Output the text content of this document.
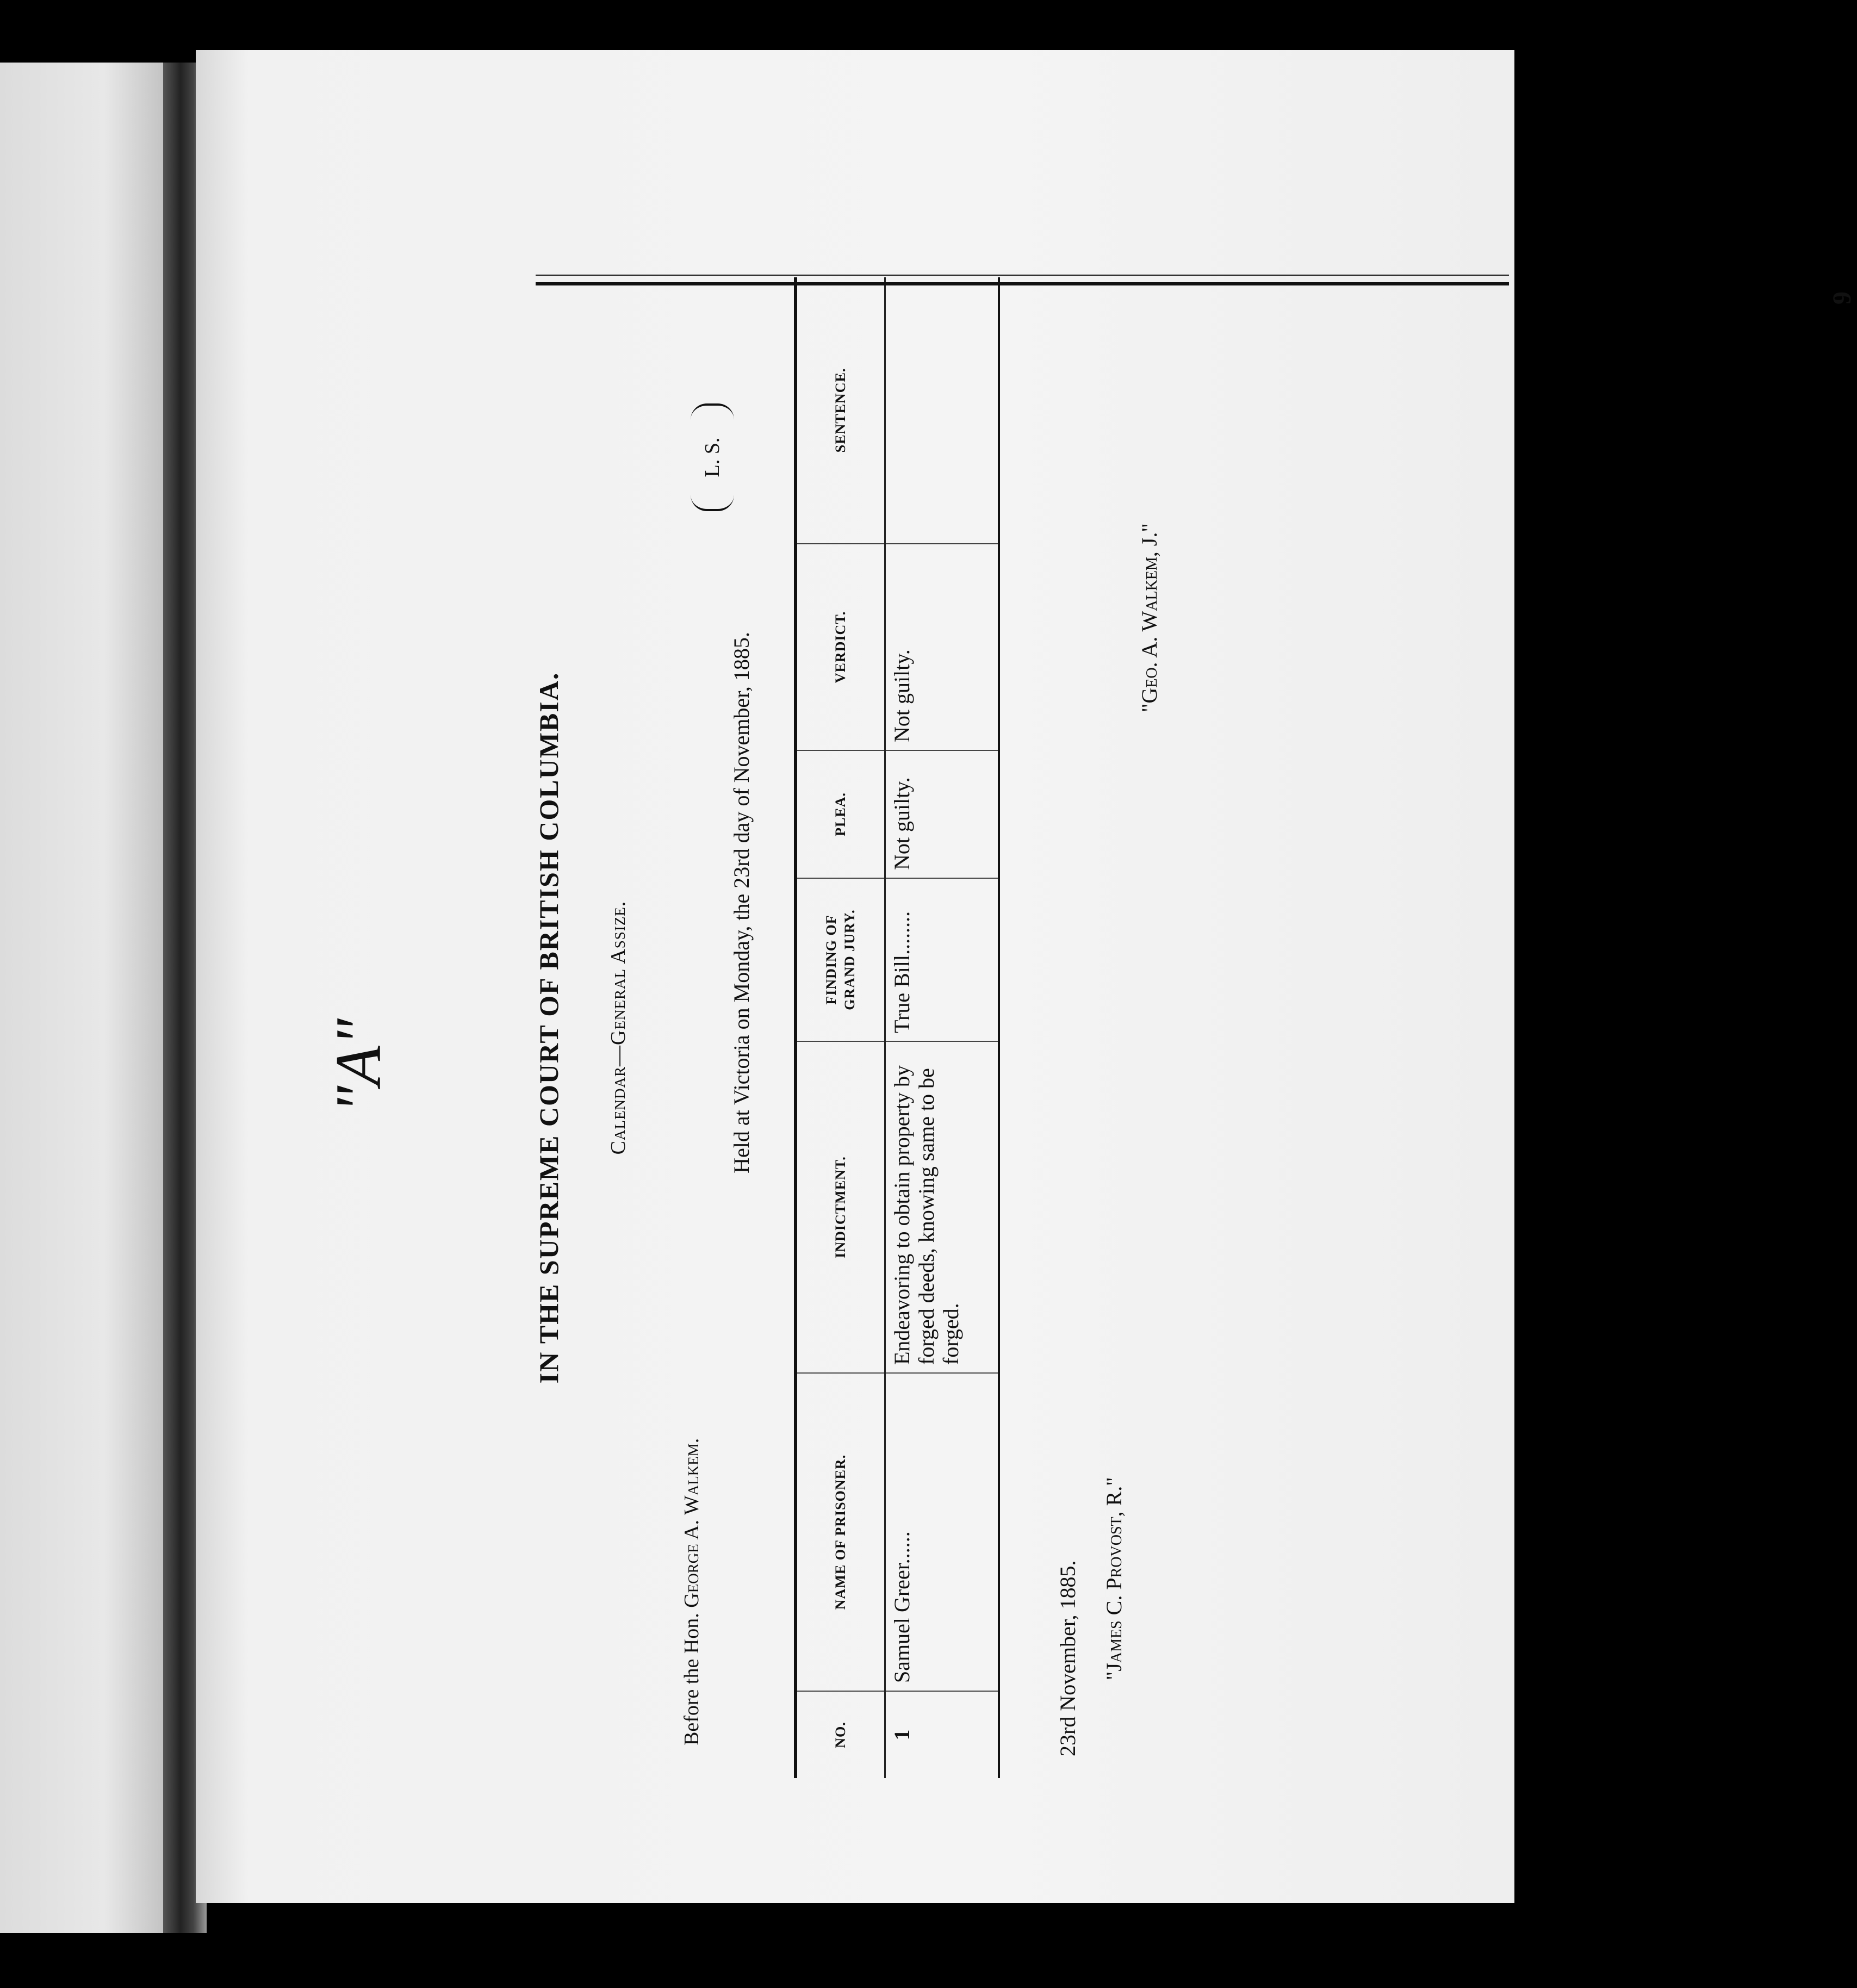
"A"	IN THE SUPREME COURT OF BRITISH COLUMBIA. Calendar—General Assize.
Before the Hon. George A. Walkem.
Held at Victoria on Monday, the 23rd day of November, 1885.
L. S.
NO.	NAME OF PRISONER.	INDICTMENT.	FINDING OF GRAND JURY.	PLEA.	VERDICT.	SENTENCE.
1	Samuel Greer......	Endeavoring to obtain property by forged deeds, knowing same to be forged.	True Bill........	Not guilty.	Not guilty.	
23rd November, 1885. "James C. Provost, R."
"Geo. A. Walkem, J."
9
